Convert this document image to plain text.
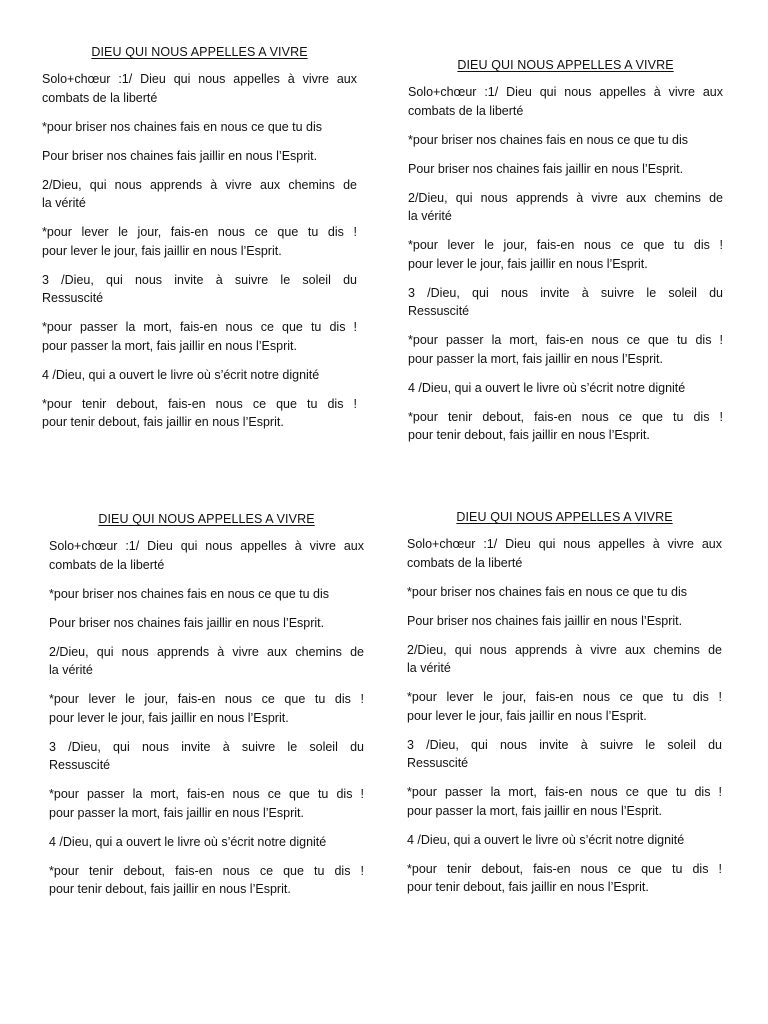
DIEU QUI NOUS APPELLES A VIVRE
Solo+chœur :1/ Dieu qui nous appelles à vivre aux
combats de la liberté
*pour briser nos chaines fais en nous ce que tu dis
Pour briser nos chaines fais jaillir en nous l’Esprit.
2/Dieu, qui nous apprends à vivre aux chemins de
la vérité
*pour lever le jour, fais-en nous ce que tu dis !
pour lever le jour, fais jaillir en nous l’Esprit.
3 /Dieu, qui nous invite à suivre le soleil du
Ressuscité
*pour passer la mort, fais-en nous ce que tu dis !
pour passer la mort, fais jaillir en nous l’Esprit.
4 /Dieu, qui a ouvert le livre où s’écrit notre dignité
*pour tenir debout, fais-en nous ce que tu dis !
pour tenir debout, fais jaillir en nous l’Esprit.
DIEU QUI NOUS APPELLES A VIVRE
Solo+chœur :1/ Dieu qui nous appelles à vivre aux
combats de la liberté
*pour briser nos chaines fais en nous ce que tu dis
Pour briser nos chaines fais jaillir en nous l’Esprit.
2/Dieu, qui nous apprends à vivre aux chemins de
la vérité
*pour lever le jour, fais-en nous ce que tu dis !
pour lever le jour, fais jaillir en nous l’Esprit.
3 /Dieu, qui nous invite à suivre le soleil du
Ressuscité
*pour passer la mort, fais-en nous ce que tu dis !
pour passer la mort, fais jaillir en nous l’Esprit.
4 /Dieu, qui a ouvert le livre où s’écrit notre dignité
*pour tenir debout, fais-en nous ce que tu dis !
pour tenir debout, fais jaillir en nous l’Esprit.
DIEU QUI NOUS APPELLES A VIVRE
Solo+chœur :1/ Dieu qui nous appelles à vivre aux
combats de la liberté
*pour briser nos chaines fais en nous ce que tu dis
Pour briser nos chaines fais jaillir en nous l’Esprit.
2/Dieu, qui nous apprends à vivre aux chemins de
la vérité
*pour lever le jour, fais-en nous ce que tu dis !
pour lever le jour, fais jaillir en nous l’Esprit.
3 /Dieu, qui nous invite à suivre le soleil du
Ressuscité
*pour passer la mort, fais-en nous ce que tu dis !
pour passer la mort, fais jaillir en nous l’Esprit.
4 /Dieu, qui a ouvert le livre où s’écrit notre dignité
*pour tenir debout, fais-en nous ce que tu dis !
pour tenir debout, fais jaillir en nous l’Esprit.
DIEU QUI NOUS APPELLES A VIVRE
Solo+chœur :1/ Dieu qui nous appelles à vivre aux
combats de la liberté
*pour briser nos chaines fais en nous ce que tu dis
Pour briser nos chaines fais jaillir en nous l’Esprit.
2/Dieu, qui nous apprends à vivre aux chemins de
la vérité
*pour lever le jour, fais-en nous ce que tu dis !
pour lever le jour, fais jaillir en nous l’Esprit.
3 /Dieu, qui nous invite à suivre le soleil du
Ressuscité
*pour passer la mort, fais-en nous ce que tu dis !
pour passer la mort, fais jaillir en nous l’Esprit.
4 /Dieu, qui a ouvert le livre où s’écrit notre dignité
*pour tenir debout, fais-en nous ce que tu dis !
pour tenir debout, fais jaillir en nous l’Esprit.
